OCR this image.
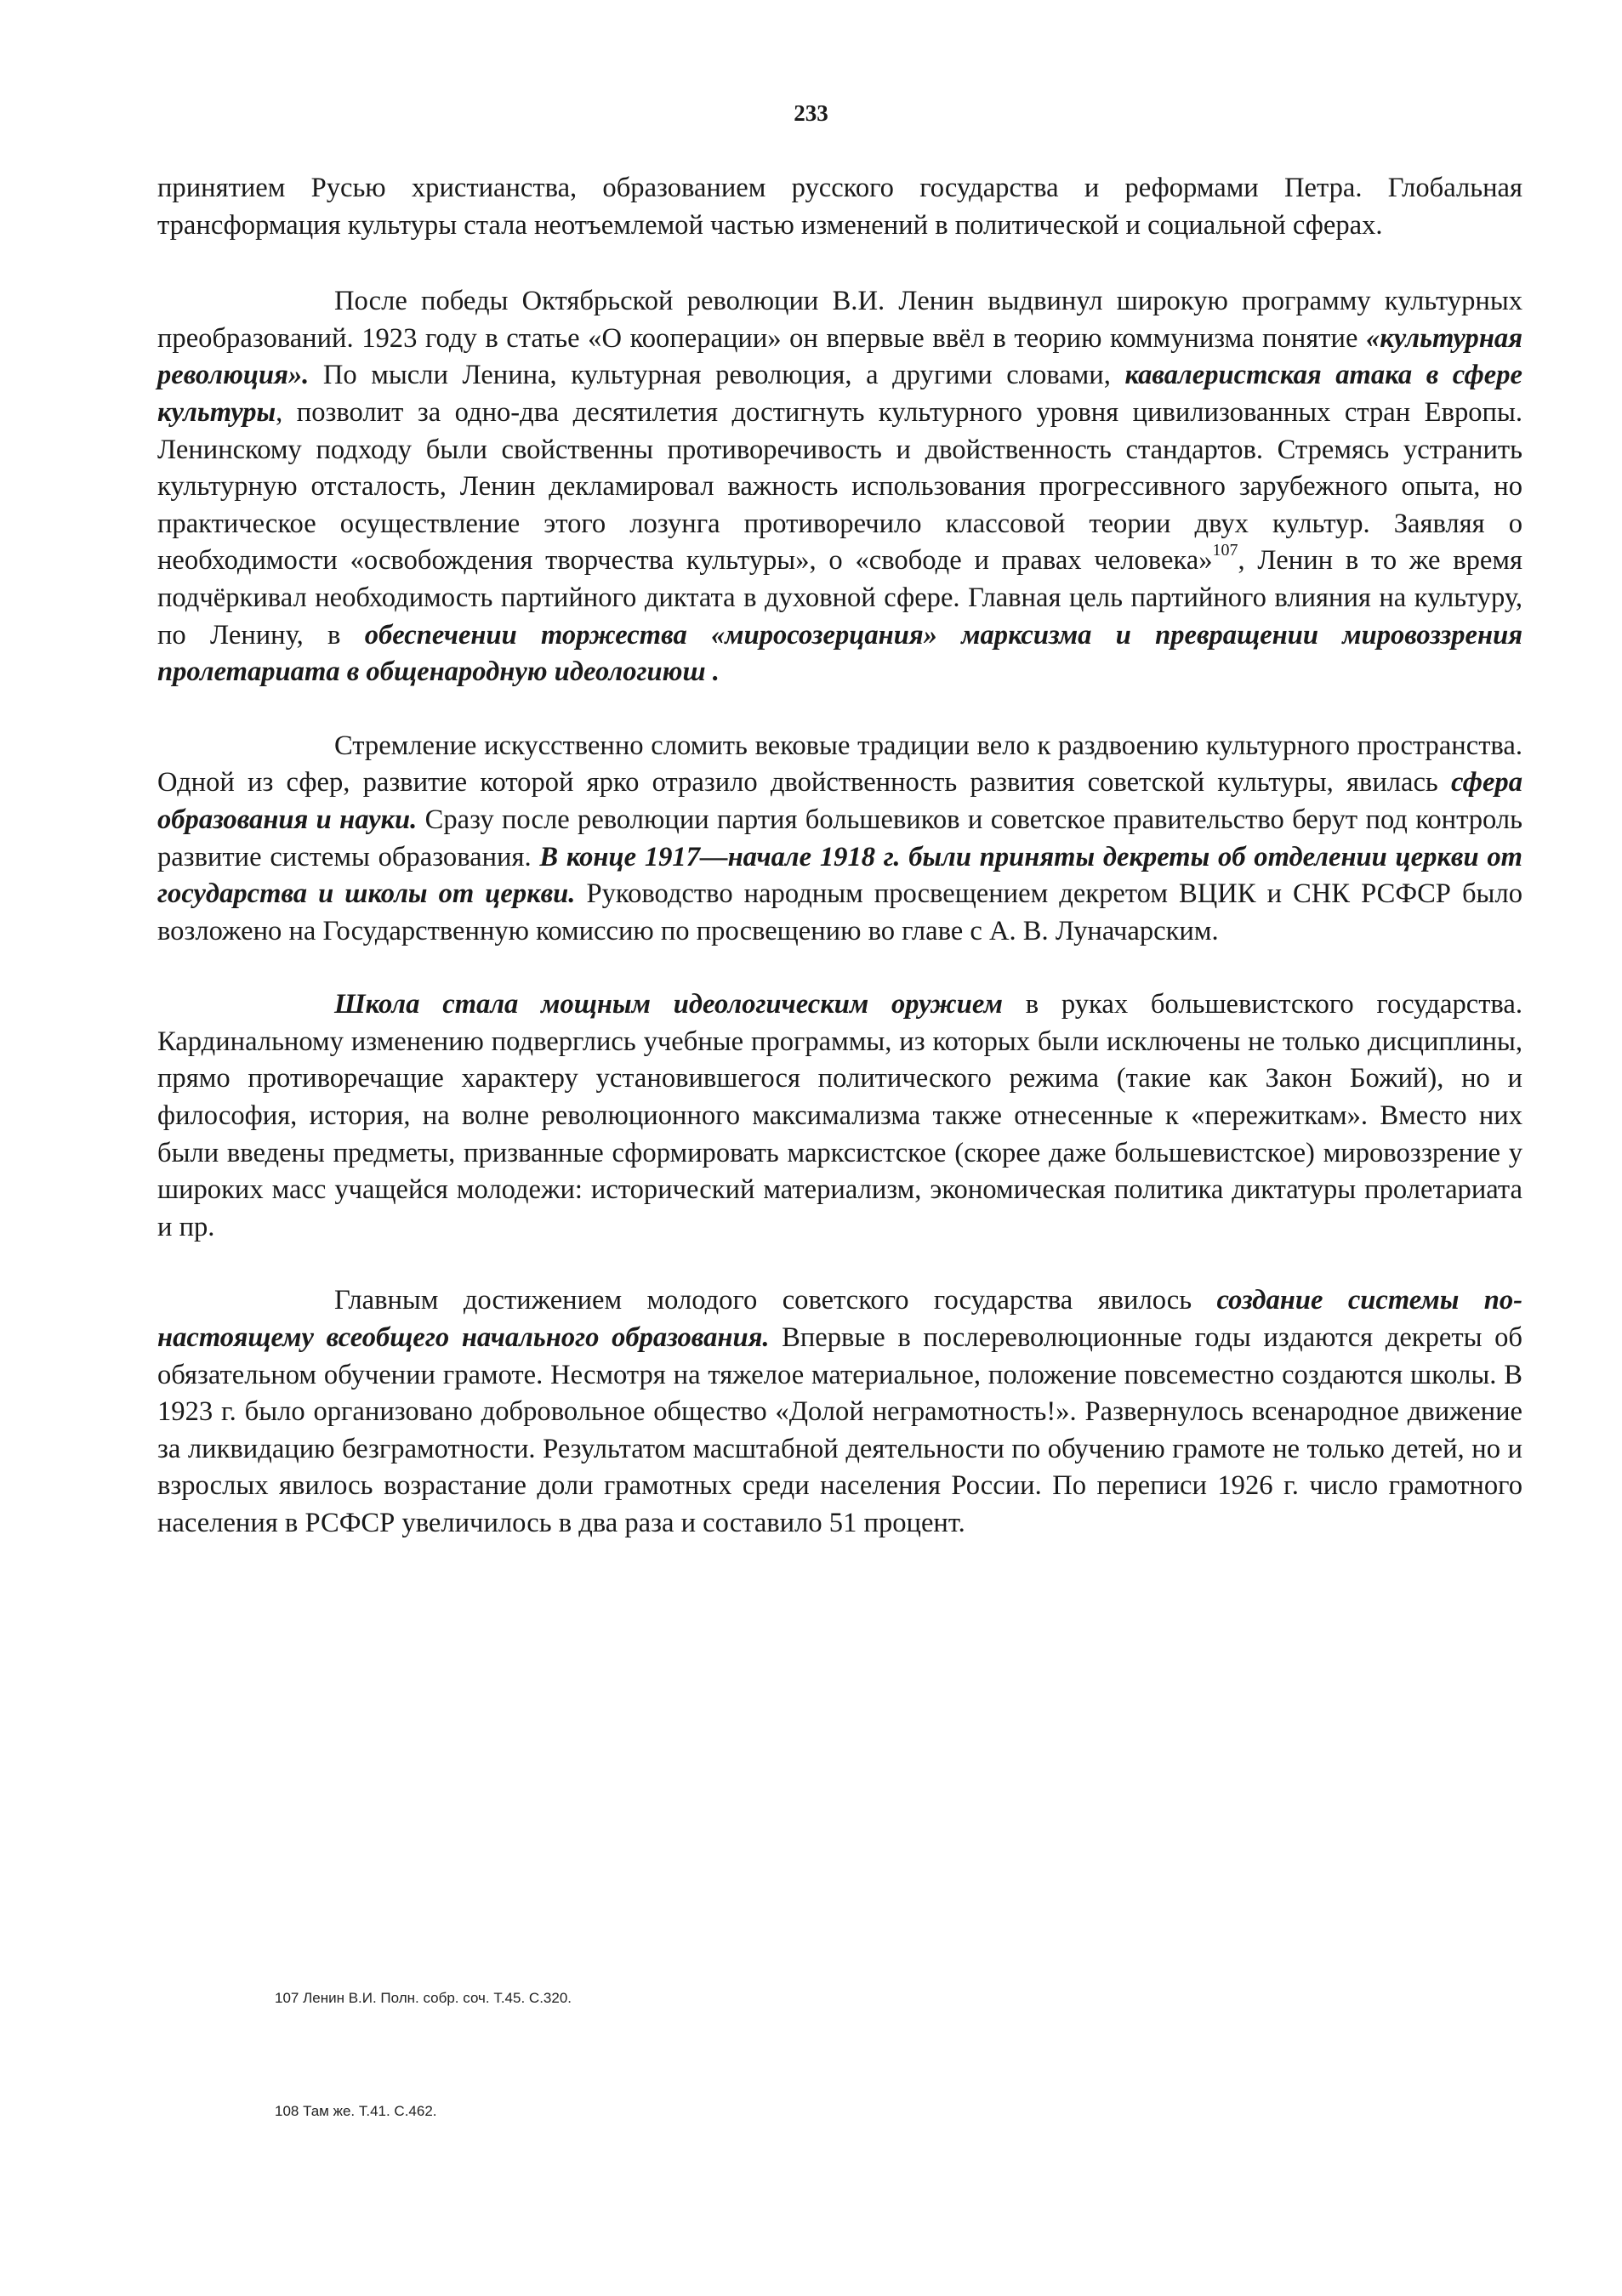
233

принятием Русью христианства, образованием русского государства и реформами Петра. Глобальная трансформация культуры стала неотъемлемой частью изменений в политической и социальной сферах.

После победы Октябрьской революции В.И. Ленин выдвинул широкую программу культурных преобразований. 1923 году в статье «О кооперации» он впервые ввёл в теорию коммунизма понятие «культурная революция». По мысли Ленина, культурная революция, а другими словами, кавалеристская атака в сфере культуры, позволит за одно-два десятилетия достигнуть культурного уровня цивилизованных стран Европы. Ленинскому подходу были свойственны противоречивость и двойственность стандартов. Стремясь устранить культурную отсталость, Ленин декламировал важность использования прогрессивного зарубежного опыта, но практическое осуществление этого лозунга противоречило классовой теории двух культур. Заявляя о необходимости «освобождения творчества культуры», о «свободе и правах человека»$^{107}$, Ленин в то же время подчёркивал необходимость партийного диктата в духовной сфере. Главная цель партийного влияния на культуру, по Ленину, в обеспечении торжества «миросозерцания» марксизма и превращении мировоззрения пролетариата в общенародную идеологиюш .

Стремление искусственно сломить вековые традиции вело к раздвоению культурного пространства. Одной из сфер, развитие которой ярко отразило двойственность развития советской культуры, явилась сфера образования и науки. Сразу после революции партия большевиков и советское правительство берут под контроль развитие системы образования. В конце 1917—начале 1918 г. были приняты декреты об отделении церкви от государства и школы от церкви. Руководство народным просвещением декретом ВЦИК и СНК РСФСР было возложено на Государственную комиссию по просвещению во главе с А. В. Луначарским.

Школа стала мощным идеологическим оружием в руках большевистского государства. Кардинальному изменению подверглись учебные программы, из которых были исключены не только дисциплины, прямо противоречащие характеру установившегося политического режима (такие как Закон Божий), но и философия, история, на волне революционного максимализма также отнесенные к «пережиткам». Вместо них были введены предметы, призванные сформировать марксистское (скорее даже большевистское) мировоззрение у широких масс учащейся молодежи: исторический материализм, экономическая политика диктатуры пролетариата и пр.

Главным достижением молодого советского государства явилось создание системы по-настоящему всеобщего начального образования. Впервые в послереволюционные годы издаются декреты об обязательном обучении грамоте. Несмотря на тяжелое материальное, положение повсеместно создаются школы. В 1923 г. было организовано добровольное общество «Долой неграмотность!». Развернулось всенародное движение за ликвидацию безграмотности. Результатом масштабной деятельности по обучению грамоте не только детей, но и взрослых явилось возрастание доли грамотных среди населения России. По переписи 1926 г. число грамотного населения в РСФСР увеличилось в два раза и составило 51 процент.

107 Ленин В.И. Полн. собр. соч. Т.45. С.320.
108 Там же. Т.41. С.462.
